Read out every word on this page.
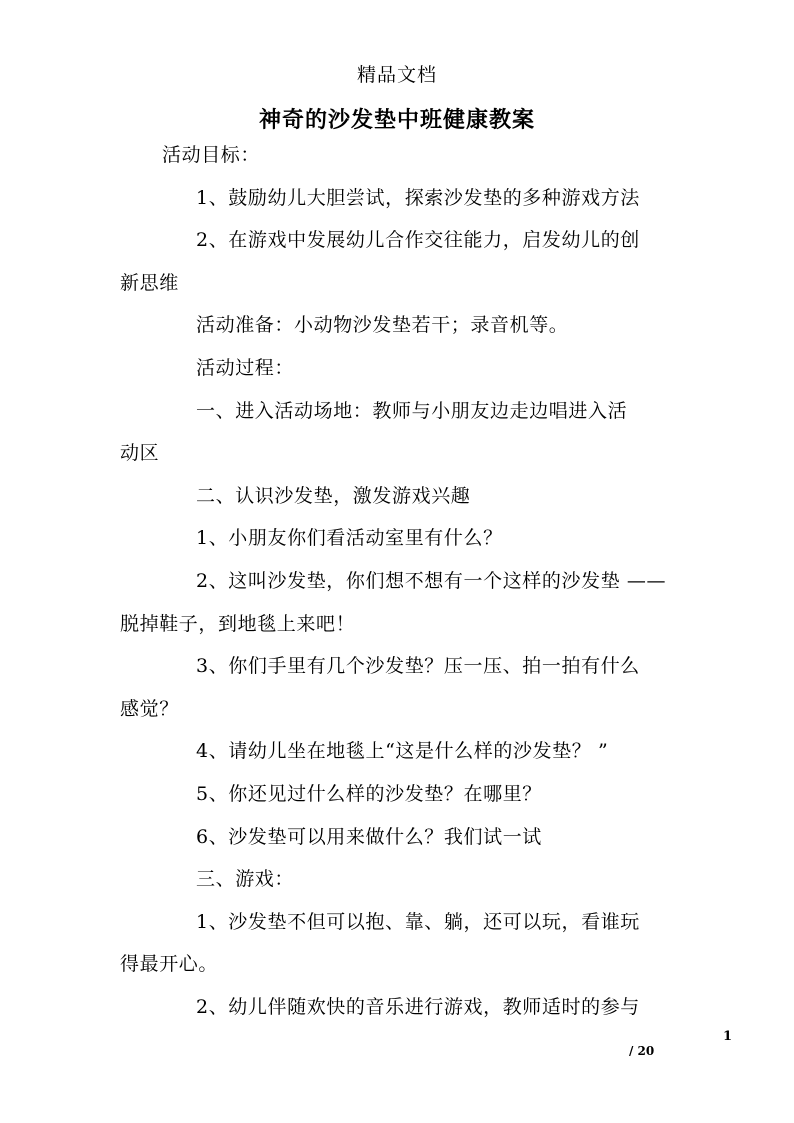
精品文档
神奇的沙发垫中班健康教案
活动目标：
1、鼓励幼儿大胆尝试，探索沙发垫的多种游戏方法
2、在游戏中发展幼儿合作交往能力，启发幼儿的创
新思维
活动准备：小动物沙发垫若干；录音机等。
活动过程：
一、进入活动场地：教师与小朋友边走边唱进入活
动区
二、认识沙发垫，激发游戏兴趣
1、小朋友你们看活动室里有什么？
2、这叫沙发垫，你们想不想有一个这样的沙发垫 ——
脱掉鞋子，到地毯上来吧！
3、你们手里有几个沙发垫？压一压、拍一拍有什么
感觉？
4、请幼儿坐在地毯上“这是什么样的沙发垫？ ”
5、你还见过什么样的沙发垫？在哪里？
6、沙发垫可以用来做什么？我们试一试
三、游戏：
1、沙发垫不但可以抱、靠、躺，还可以玩，看谁玩
得最开心。
2、幼儿伴随欢快的音乐进行游戏，教师适时的参与
1
/ 20
